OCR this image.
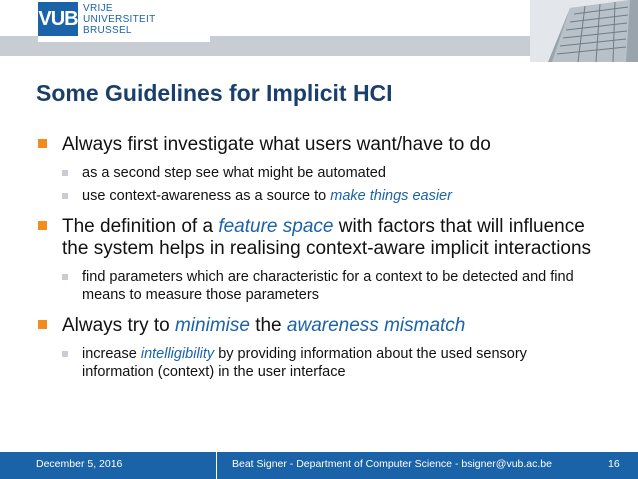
VUB VRIJE
UNIVERSITEIT
BRUSSEL
Some Guidelines for Implicit HCI
Always first investigate what users want/have to do
as a second step see what might be automated
use context-awareness as a source to make things easier
The definition of a feature space with factors that will influence the system helps in realising context-aware implicit interactions
find parameters which are characteristic for a context to be detected and find means to measure those parameters
Always try to minimise the awareness mismatch
increase intelligibility by providing information about the used sensory information (context) in the user interface
December 5, 2016	Beat Signer - Department of Computer Science - bsigner@vub.ac.be	16
